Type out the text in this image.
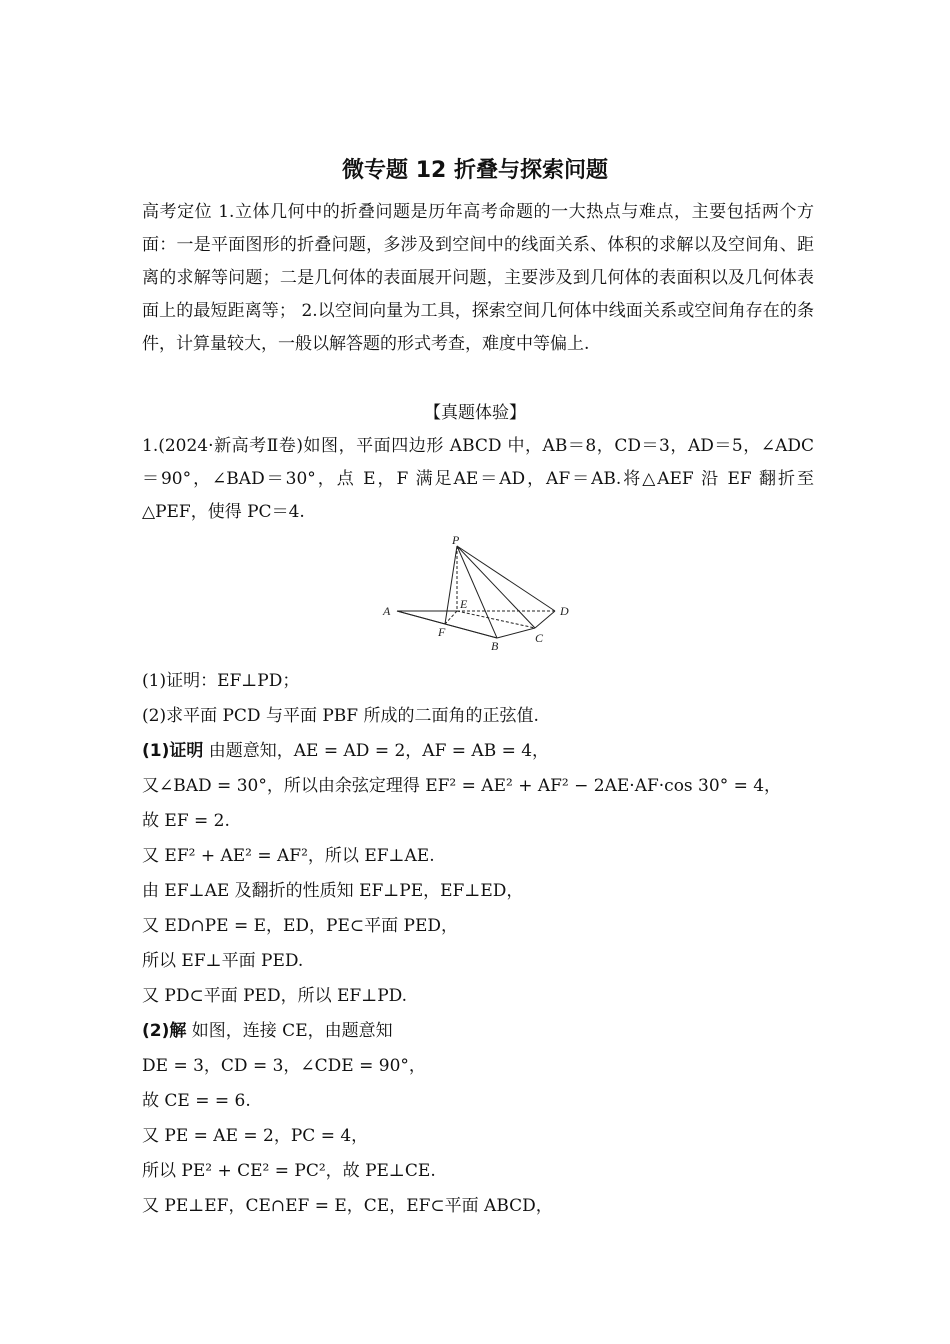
微专题 12 折叠与探索问题
高考定位 1.立体几何中的折叠问题是历年高考命题的一大热点与难点，主要包括两个方面：一是平面图形的折叠问题，多涉及到空间中的线面关系、体积的求解以及空间角、距离的求解等问题；二是几何体的表面展开问题，主要涉及到几何体的表面积以及几何体表面上的最短距离等； 2.以空间向量为工具，探索空间几何体中线面关系或空间角存在的条件，计算量较大，一般以解答题的形式考查，难度中等偏上.
【真题体验】
1.(2024·新高考Ⅱ卷)如图，平面四边形 ABCD 中，AB＝8，CD＝3，AD＝5，∠ADC＝90°，∠BAD＝30°，点 E，F 满足AE＝AD，AF＝AB.将△AEF 沿 EF 翻折至△PEF，使得 PC＝4.
P
A	E	D
F
B
C
(1)证明：EF⊥PD；
(2)求平面 PCD 与平面 PBF 所成的二面角的正弦值.
(1)证明 由题意知，AE = AD = 2，AF = AB = 4，
又∠BAD = 30°，所以由余弦定理得 EF² = AE² + AF² − 2AE·AF·cos 30° = 4，
故 EF = 2.
又 EF² + AE² = AF²，所以 EF⊥AE.
由 EF⊥AE 及翻折的性质知 EF⊥PE，EF⊥ED，
又 ED∩PE = E，ED，PE⊂平面 PED，
所以 EF⊥平面 PED.
又 PD⊂平面 PED，所以 EF⊥PD.
(2)解 如图，连接 CE，由题意知
DE = 3，CD = 3，∠CDE = 90°，
故 CE = = 6.
又 PE = AE = 2，PC = 4，
所以 PE² + CE² = PC²，故 PE⊥CE.
又 PE⊥EF，CE∩EF = E，CE，EF⊂平面 ABCD，
